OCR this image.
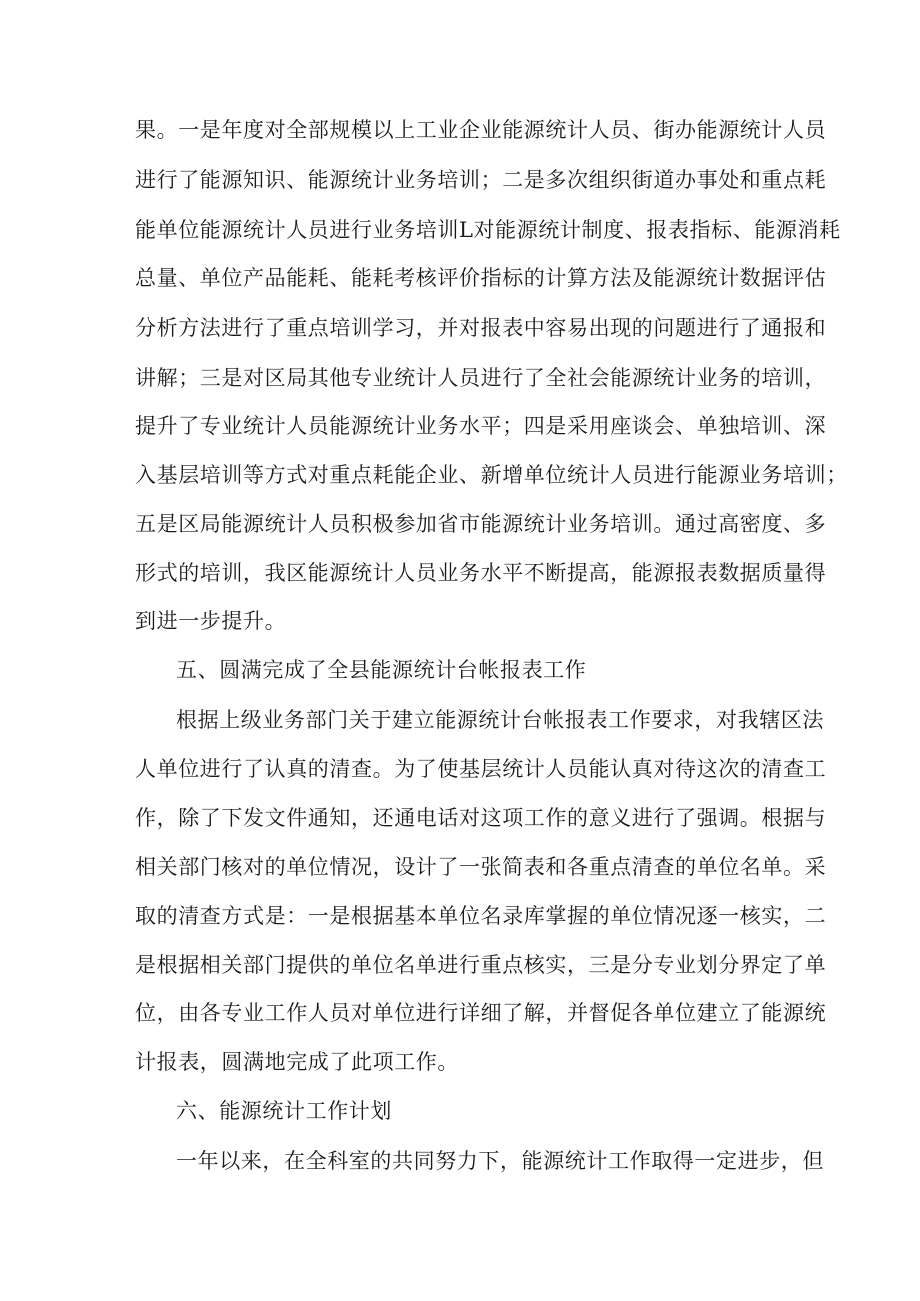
果。一是年度对全部规模以上工业企业能源统计人员、街办能源统计人员
进行了能源知识、能源统计业务培训；二是多次组织街道办事处和重点耗
能单位能源统计人员进行业务培训L对能源统计制度、报表指标、能源消耗
总量、单位产品能耗、能耗考核评价指标的计算方法及能源统计数据评估
分析方法进行了重点培训学习，并对报表中容易出现的问题进行了通报和
讲解；三是对区局其他专业统计人员进行了全社会能源统计业务的培训，
提升了专业统计人员能源统计业务水平；四是采用座谈会、单独培训、深
入基层培训等方式对重点耗能企业、新增单位统计人员进行能源业务培训；
五是区局能源统计人员积极参加省市能源统计业务培训。通过高密度、多
形式的培训，我区能源统计人员业务水平不断提高，能源报表数据质量得
到进一步提升。
五、圆满完成了全县能源统计台帐报表工作
根据上级业务部门关于建立能源统计台帐报表工作要求，对我辖区法
人单位进行了认真的清查。为了使基层统计人员能认真对待这次的清查工
作，除了下发文件通知，还通电话对这项工作的意义进行了强调。根据与
相关部门核对的单位情况，设计了一张简表和各重点清查的单位名单。采
取的清查方式是：一是根据基本单位名录库掌握的单位情况逐一核实，二
是根据相关部门提供的单位名单进行重点核实，三是分专业划分界定了单
位，由各专业工作人员对单位进行详细了解，并督促各单位建立了能源统
计报表，圆满地完成了此项工作。
六、能源统计工作计划
一年以来，在全科室的共同努力下，能源统计工作取得一定进步，但
